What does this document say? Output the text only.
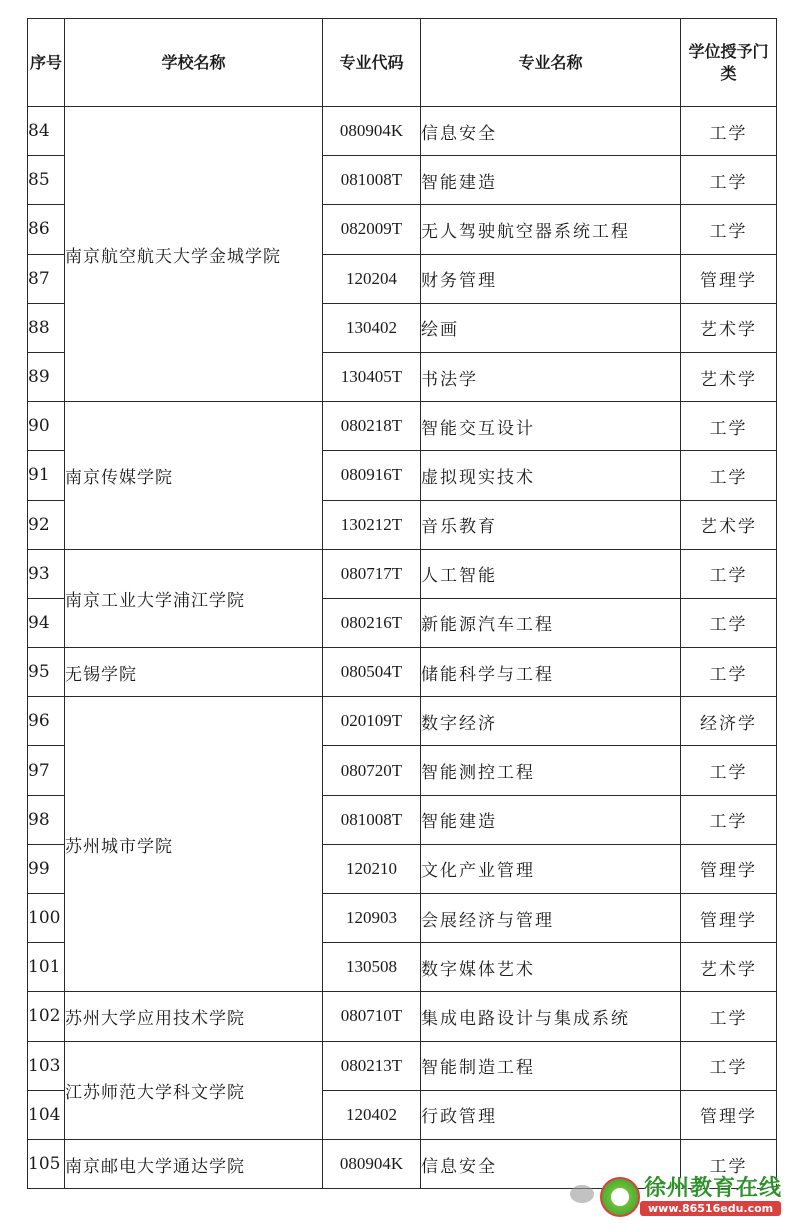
序号	学校名称	专业代码	专业名称	学位授予门类
84	南京航空航天大学金城学院	080904K	信息安全	工学
85		081008T	智能建造	工学
86		082009T	无人驾驶航空器系统工程	工学
87		120204	财务管理	管理学
88		130402	绘画	艺术学
89		130405T	书法学	艺术学
90	南京传媒学院	080218T	智能交互设计	工学
91		080916T	虚拟现实技术	工学
92		130212T	音乐教育	艺术学
93	南京工业大学浦江学院	080717T	人工智能	工学
94		080216T	新能源汽车工程	工学
95	无锡学院	080504T	储能科学与工程	工学
96	苏州城市学院	020109T	数字经济	经济学
97		080720T	智能测控工程	工学
98		081008T	智能建造	工学
99		120210	文化产业管理	管理学
100		120903	会展经济与管理	管理学
101		130508	数字媒体艺术	艺术学
102	苏州大学应用技术学院	080710T	集成电路设计与集成系统	工学
103	江苏师范大学科文学院	080213T	智能制造工程	工学
104		120402	行政管理	管理学
105	南京邮电大学通达学院	080904K	信息安全	工学
徐州教育在线
www.86516edu.com
